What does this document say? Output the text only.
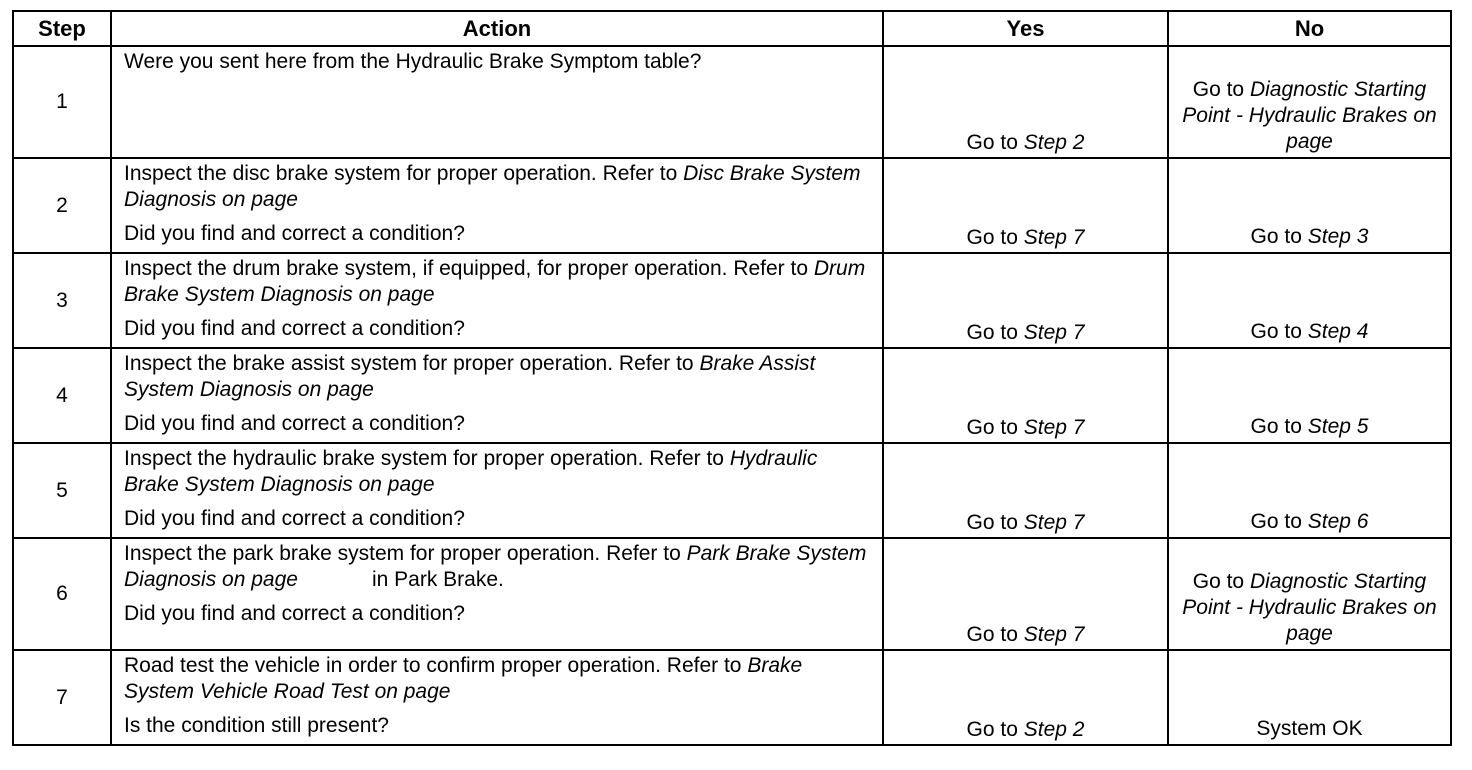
Step	Action	Yes	No
1	Were you sent here from the Hydraulic Brake Symptom table?	Go to Step 2	Go to Diagnostic Starting Point - Hydraulic Brakes on page
2	Inspect the disc brake system for proper operation. Refer to Disc Brake System Diagnosis on page
Did you find and correct a condition?	Go to Step 7	Go to Step 3
3	Inspect the drum brake system, if equipped, for proper operation. Refer to Drum Brake System Diagnosis on page
Did you find and correct a condition?	Go to Step 7	Go to Step 4
4	Inspect the brake assist system for proper operation. Refer to Brake Assist System Diagnosis on page
Did you find and correct a condition?	Go to Step 7	Go to Step 5
5	Inspect the hydraulic brake system for proper operation. Refer to Hydraulic Brake System Diagnosis on page
Did you find and correct a condition?	Go to Step 7	Go to Step 6
6	Inspect the park brake system for proper operation. Refer to Park Brake System Diagnosis on page in Park Brake.
Did you find and correct a condition?	Go to Step 7	Go to Diagnostic Starting Point - Hydraulic Brakes on page
7	Road test the vehicle in order to confirm proper operation. Refer to Brake System Vehicle Road Test on page
Is the condition still present?	Go to Step 2	System OK
